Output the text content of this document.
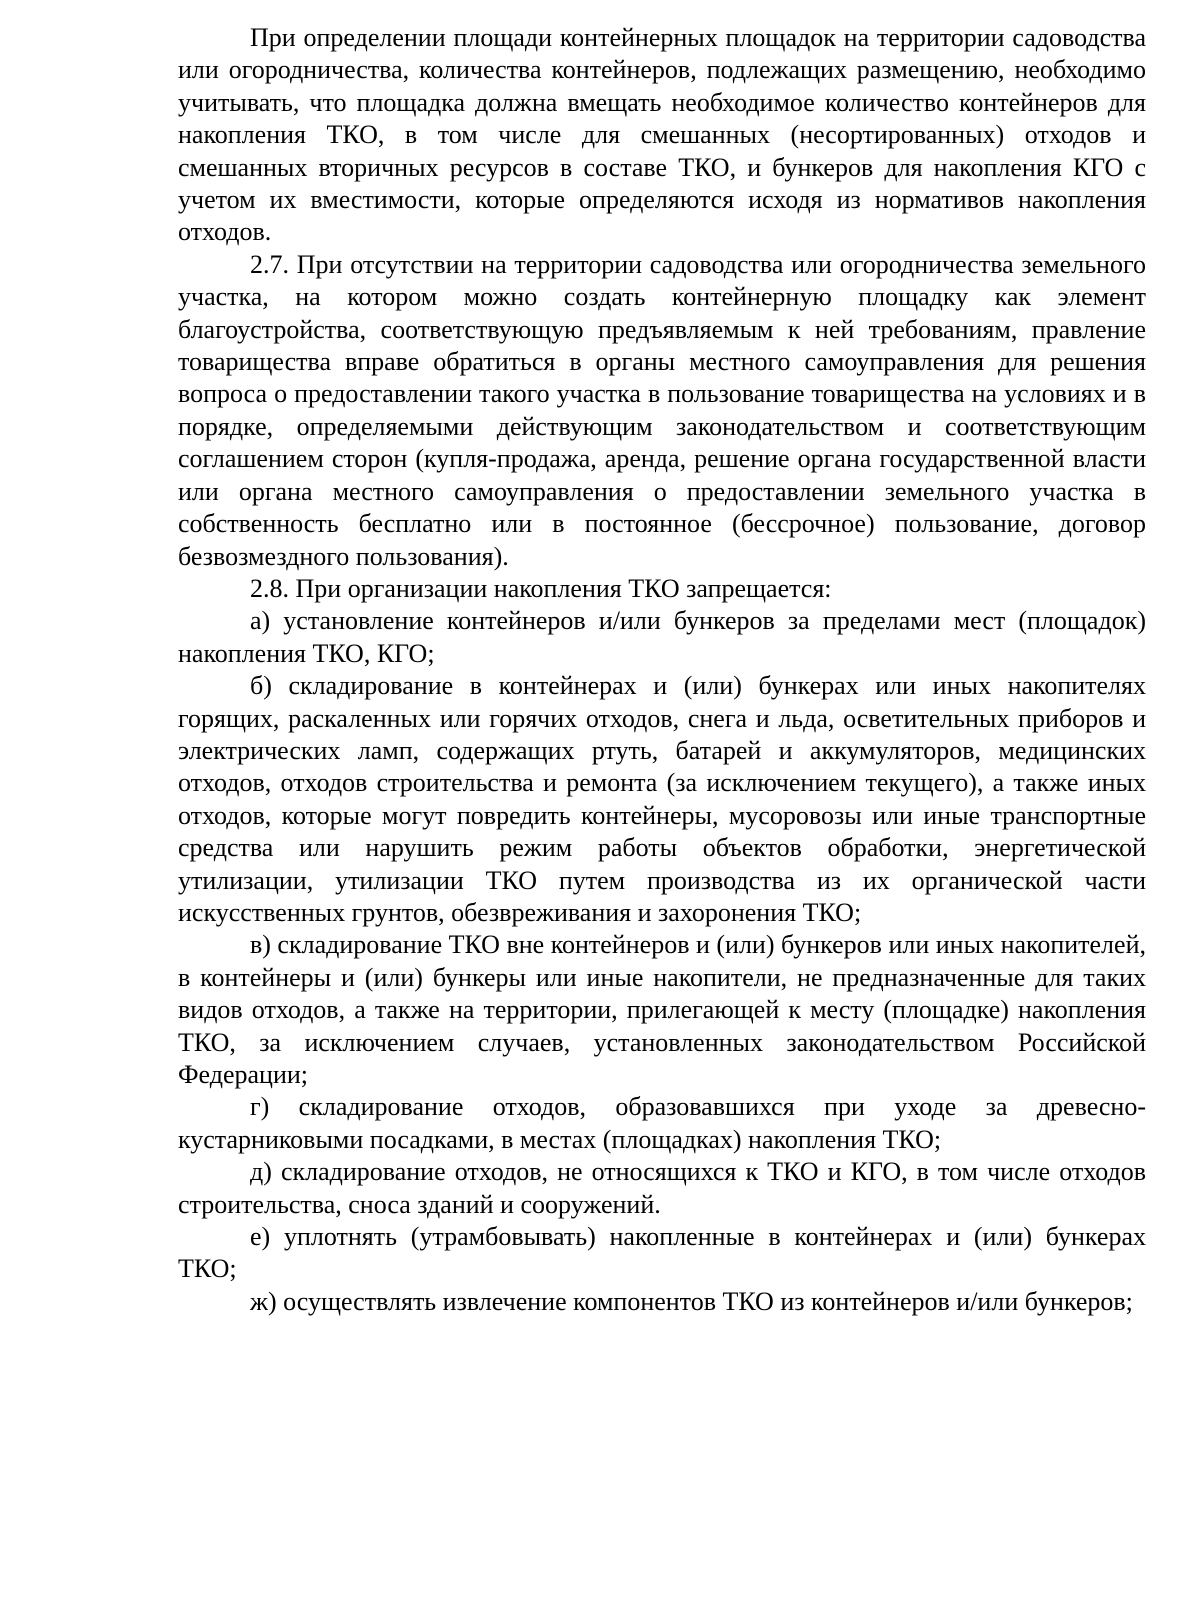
При определении площади контейнерных площадок на территории садоводства или огородничества, количества контейнеров, подлежащих размещению, необходимо учитывать, что площадка должна вмещать необходимое количество контейнеров для накопления ТКО, в том числе для смешанных (несортированных) отходов и смешанных вторичных ресурсов в составе ТКО, и бункеров для накопления КГО с учетом их вместимости, которые определяются исходя из нормативов накопления отходов.

2.7. При отсутствии на территории садоводства или огородничества земельного участка, на котором можно создать контейнерную площадку как элемент благоустройства, соответствующую предъявляемым к ней требованиям, правление товарищества вправе обратиться в органы местного самоуправления для решения вопроса о предоставлении такого участка в пользование товарищества на условиях и в порядке, определяемыми действующим законодательством и соответствующим соглашением сторон (купля-продажа, аренда, решение органа государственной власти или органа местного самоуправления о предоставлении земельного участка в собственность бесплатно или в постоянное (бессрочное) пользование, договор безвозмездного пользования).

2.8. При организации накопления ТКО запрещается:

а) установление контейнеров и/или бункеров за пределами мест (площадок) накопления ТКО, КГО;

б) складирование в контейнерах и (или) бункерах или иных накопителях горящих, раскаленных или горячих отходов, снега и льда, осветительных приборов и электрических ламп, содержащих ртуть, батарей и аккумуляторов, медицинских отходов, отходов строительства и ремонта (за исключением текущего), а также иных отходов, которые могут повредить контейнеры, мусоровозы или иные транспортные средства или нарушить режим работы объектов обработки, энергетической утилизации, утилизации ТКО путем производства из их органической части искусственных грунтов, обезвреживания и захоронения ТКО;

в) складирование ТКО вне контейнеров и (или) бункеров или иных накопителей, в контейнеры и (или) бункеры или иные накопители, не предназначенные для таких видов отходов, а также на территории, прилегающей к месту (площадке) накопления ТКО, за исключением случаев, установленных законодательством Российской Федерации;

г) складирование отходов, образовавшихся при уходе за древесно-кустарниковыми посадками, в местах (площадках) накопления ТКО;

д) складирование отходов, не относящихся к ТКО и КГО, в том числе отходов строительства, сноса зданий и сооружений.

е) уплотнять (утрамбовывать) накопленные в контейнерах и (или) бункерах ТКО;

ж) осуществлять извлечение компонентов ТКО из контейнеров и/или бункеров;
